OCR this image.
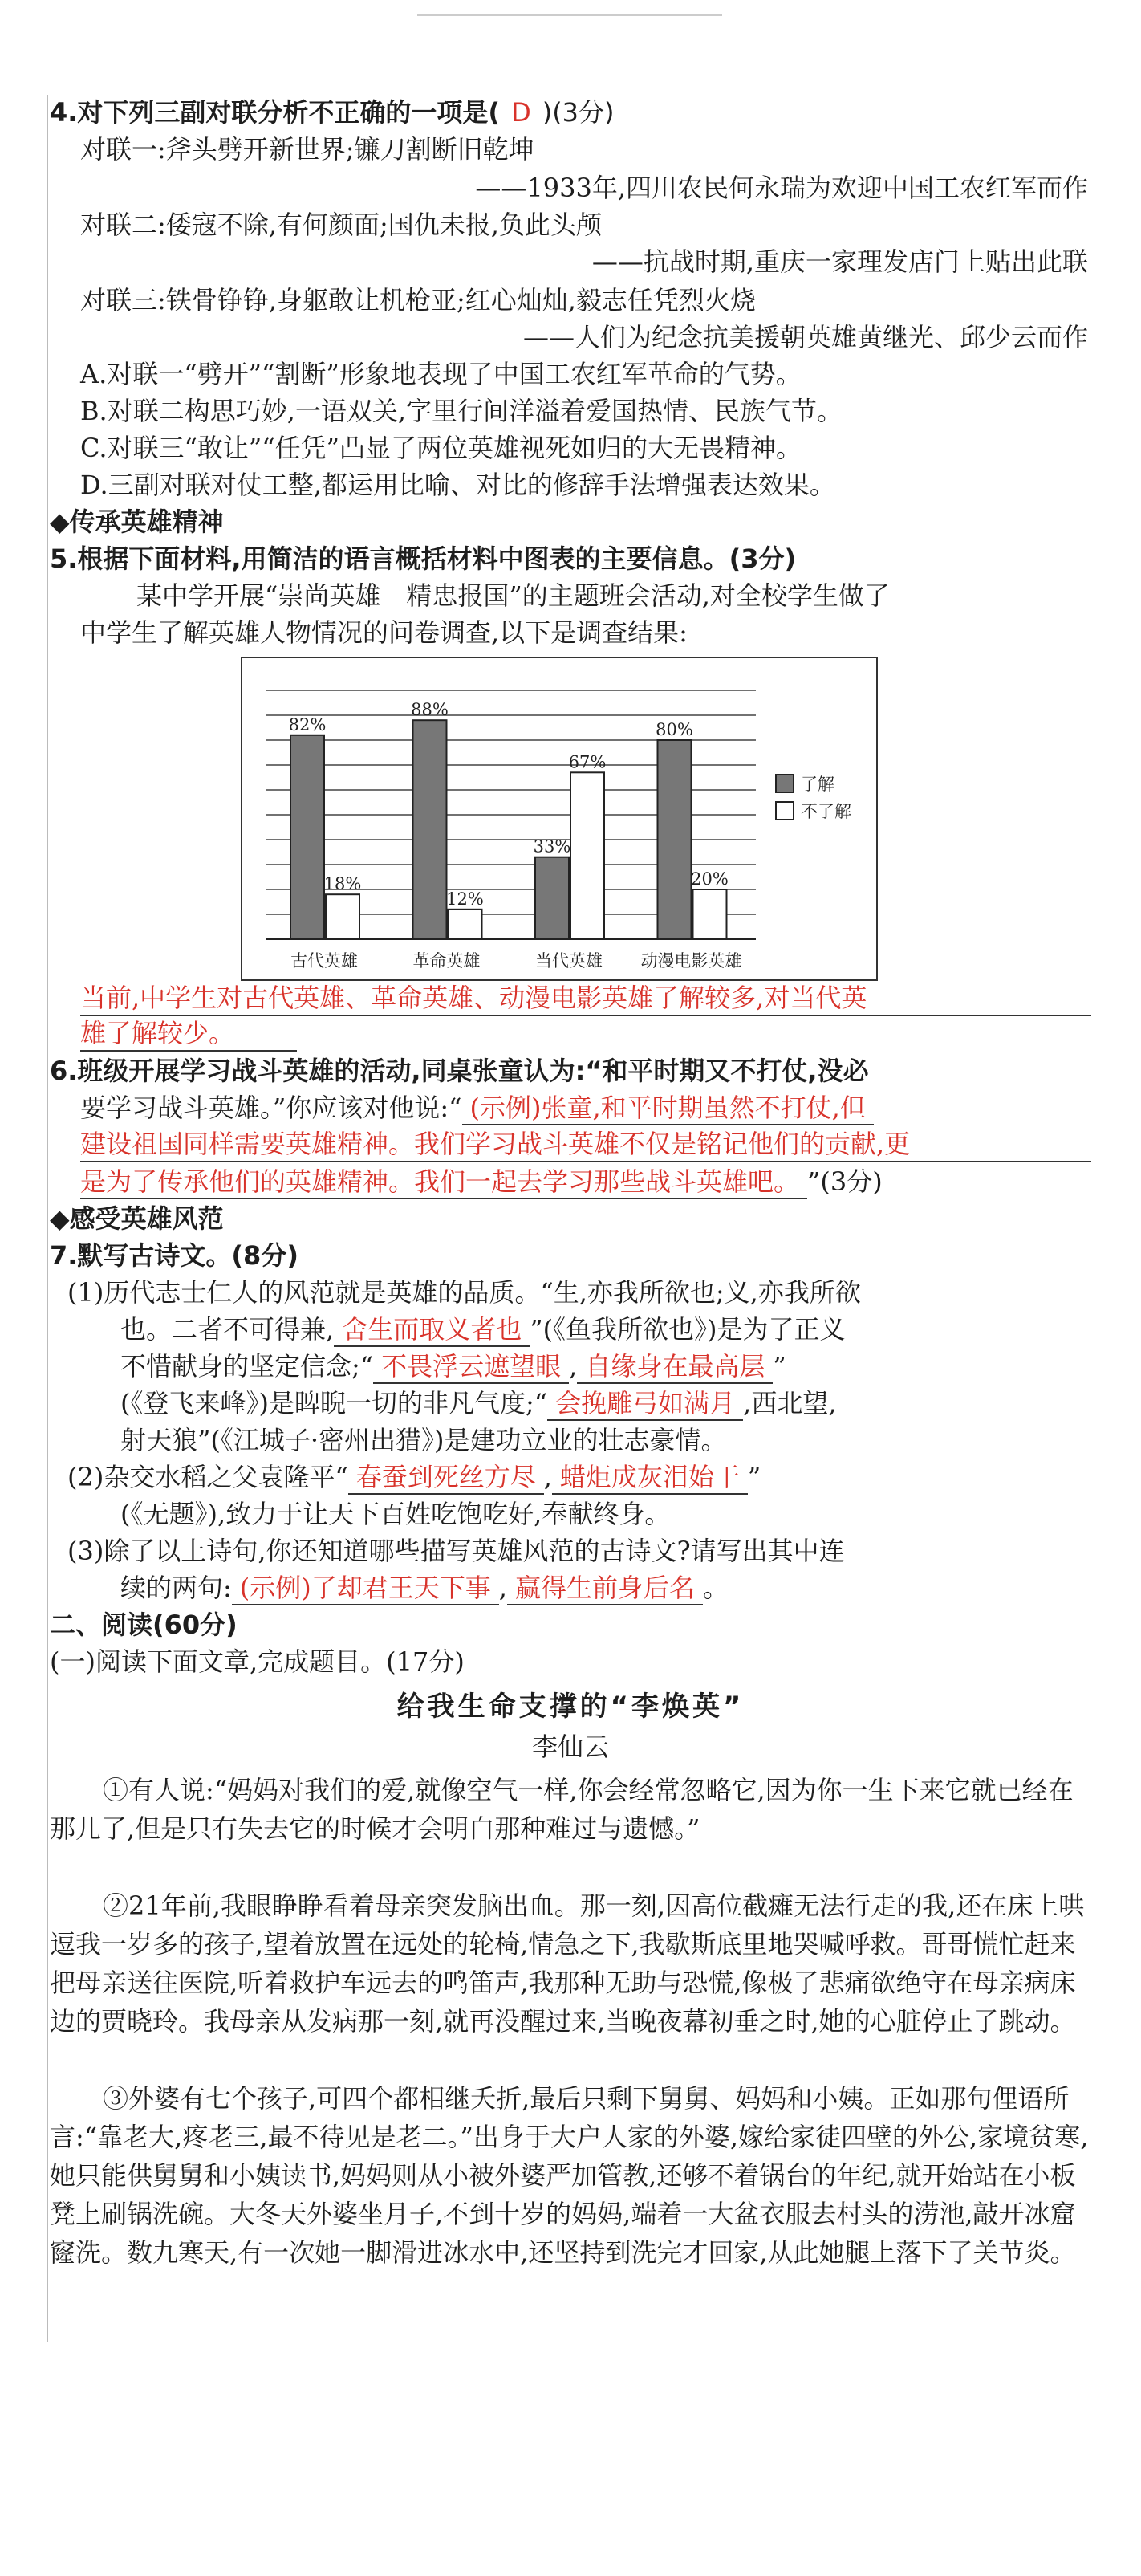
4.对下列三副对联分析不正确的一项是( D )(3分)
对联一:斧头劈开新世界;镰刀割断旧乾坤
——1933年,四川农民何永瑞为欢迎中国工农红军而作
对联二:倭寇不除,有何颜面;国仇未报,负此头颅
——抗战时期,重庆一家理发店门上贴出此联
对联三:铁骨铮铮,身躯敢让机枪亚;红心灿灿,毅志任凭烈火烧
——人们为纪念抗美援朝英雄黄继光、邱少云而作
A.对联一“劈开”“割断”形象地表现了中国工农红军革命的气势。
B.对联二构思巧妙,一语双关,字里行间洋溢着爱国热情、民族气节。
C.对联三“敢让”“任凭”凸显了两位英雄视死如归的大无畏精神。
D.三副对联对仗工整,都运用比喻、对比的修辞手法增强表达效果。
◆传承英雄精神
5.根据下面材料,用简洁的语言概括材料中图表的主要信息。(3分)
某中学开展“崇尚英雄　精忠报国”的主题班会活动,对全校学生做了
中学生了解英雄人物情况的问卷调查,以下是调查结果:
82%
18%
古代英雄
88%
12%
革命英雄
33%
67%
当代英雄
80%
20%
动漫电影英雄
了解
不了解
当前,中学生对古代英雄、革命英雄、动漫电影英雄了解较多,对当代英
雄了解较少。
6.班级开展学习战斗英雄的活动,同桌张童认为:“和平时期又不打仗,没必
要学习战斗英雄。”你应该对他说:“ (示例)张童,和平时期虽然不打仗,但
建设祖国同样需要英雄精神。我们学习战斗英雄不仅是铭记他们的贡献,更
是为了传承他们的英雄精神。我们一起去学习那些战斗英雄吧。 ”(3分)
◆感受英雄风范
7.默写古诗文。(8分)
(1)历代志士仁人的风范就是英雄的品质。“生,亦我所欲也;义,亦我所欲
也。二者不可得兼, 舍生而取义者也 ”(《鱼我所欲也》)是为了正义
不惜献身的坚定信念;“ 不畏浮云遮望眼 , 自缘身在最高层 ”
(《登飞来峰》)是睥睨一切的非凡气度;“ 会挽雕弓如满月 ,西北望,
射天狼”(《江城子·密州出猎》)是建功立业的壮志豪情。
(2)杂交水稻之父袁隆平“ 春蚕到死丝方尽 , 蜡炬成灰泪始干 ”
(《无题》),致力于让天下百姓吃饱吃好,奉献终身。
(3)除了以上诗句,你还知道哪些描写英雄风范的古诗文?请写出其中连
续的两句: (示例)了却君王天下事 , 赢得生前身后名 。
二、阅读(60分)
(一)阅读下面文章,完成题目。(17分)
给我生命支撑的“李焕英”
李仙云
①有人说:“妈妈对我们的爱,就像空气一样,你会经常忽略它,因为你一生下来它就已经在那儿了,但是只有失去它的时候才会明白那种难过与遗憾。”
②21年前,我眼睁睁看着母亲突发脑出血。那一刻,因高位截瘫无法行走的我,还在床上哄逗我一岁多的孩子,望着放置在远处的轮椅,情急之下,我歇斯底里地哭喊呼救。哥哥慌忙赶来把母亲送往医院,听着救护车远去的鸣笛声,我那种无助与恐慌,像极了悲痛欲绝守在母亲病床边的贾晓玲。我母亲从发病那一刻,就再没醒过来,当晚夜幕初垂之时,她的心脏停止了跳动。
③外婆有七个孩子,可四个都相继夭折,最后只剩下舅舅、妈妈和小姨。正如那句俚语所言:“靠老大,疼老三,最不待见是老二。”出身于大户人家的外婆,嫁给家徒四壁的外公,家境贫寒,她只能供舅舅和小姨读书,妈妈则从小被外婆严加管教,还够不着锅台的年纪,就开始站在小板凳上刷锅洗碗。大冬天外婆坐月子,不到十岁的妈妈,端着一大盆衣服去村头的涝池,敲开冰窟窿洗。数九寒天,有一次她一脚滑进冰水中,还坚持到洗完才回家,从此她腿上落下了关节炎。
